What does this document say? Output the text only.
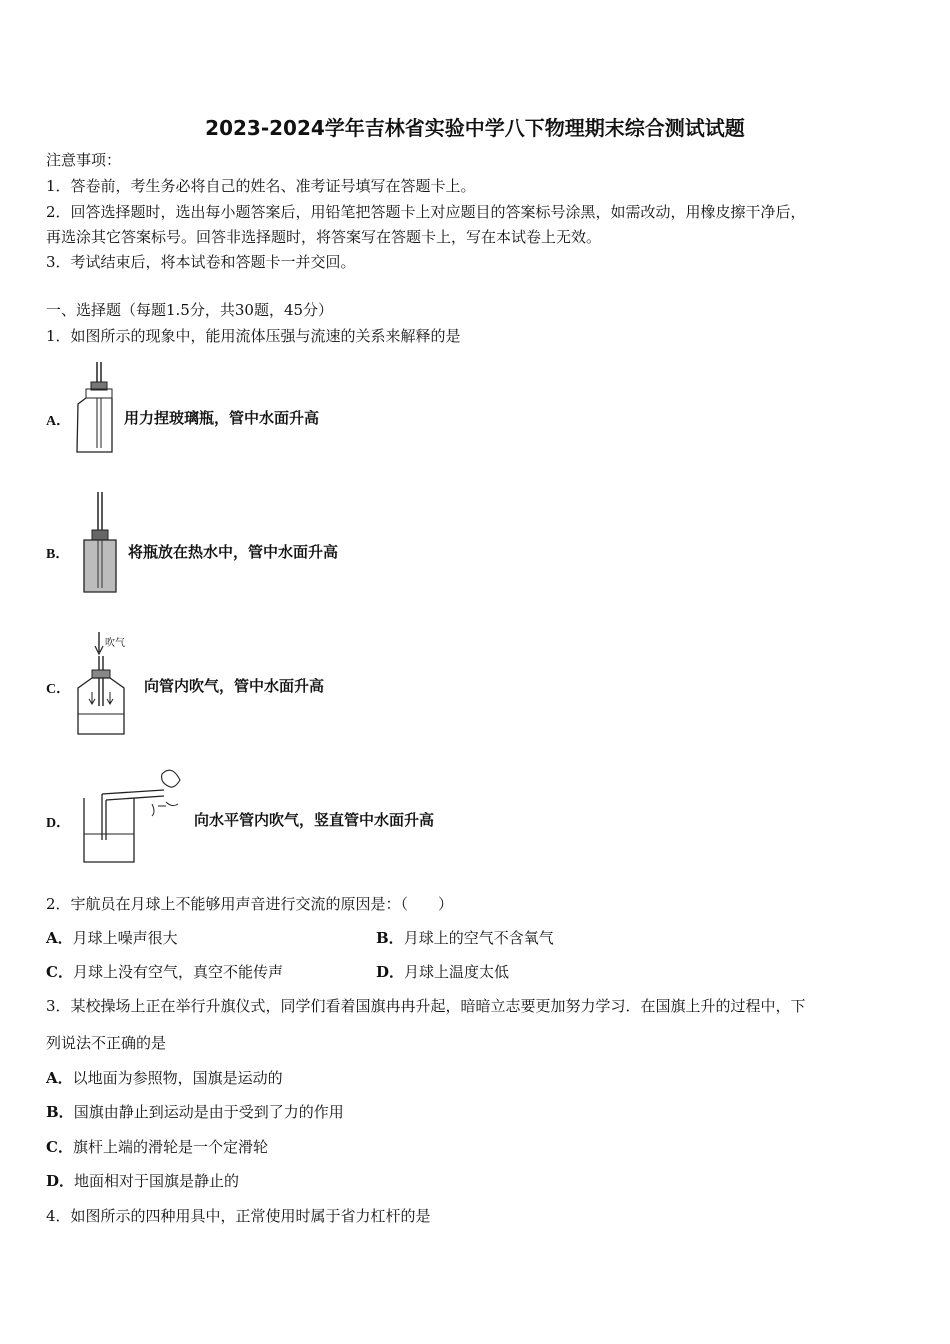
2023-2024学年吉林省实验中学八下物理期末综合测试试题
注意事项：
1．答卷前，考生务必将自己的姓名、准考证号填写在答题卡上。
2．回答选择题时，选出每小题答案后，用铅笔把答题卡上对应题目的答案标号涂黑，如需改动，用橡皮擦干净后，
再选涂其它答案标号。回答非选择题时，将答案写在答题卡上，写在本试卷上无效。
3．考试结束后，将本试卷和答题卡一并交回。
一、选择题（每题1.5分，共30题，45分）
1．如图所示的现象中，能用流体压强与流速的关系来解释的是
A．	用力捏玻璃瓶，管中水面升高
B．	将瓶放在热水中，管中水面升高
C．
吹气
向管内吹气，管中水面升高
D．	向水平管内吹气，竖直管中水面升高
2．宇航员在月球上不能够用声音进行交流的原因是：（　　）
A．月球上噪声很大	B．月球上的空气不含氧气
C．月球上没有空气，真空不能传声	D．月球上温度太低
3．某校操场上正在举行升旗仪式，同学们看着国旗冉冉升起，暗暗立志要更加努力学习．在国旗上升的过程中，下
列说法不正确的是
A．以地面为参照物，国旗是运动的
B．国旗由静止到运动是由于受到了力的作用
C．旗杆上端的滑轮是一个定滑轮
D．地面相对于国旗是静止的
4．如图所示的四种用具中，正常使用时属于省力杠杆的是
